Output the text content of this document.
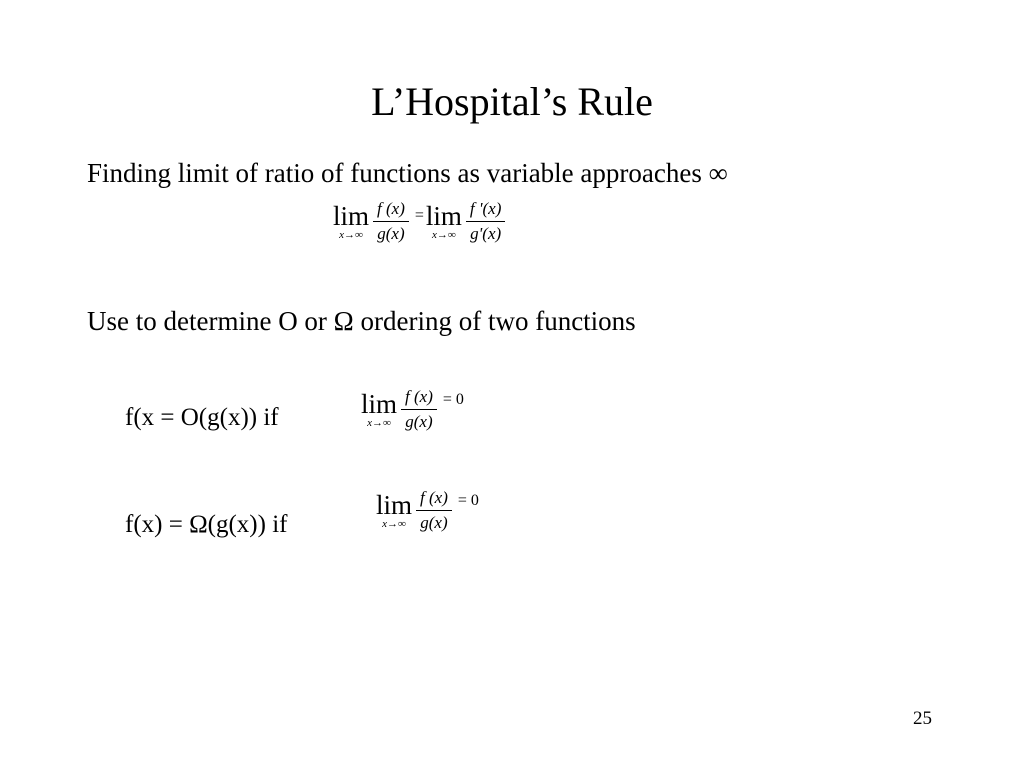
L’Hospital’s Rule
Finding limit of ratio of functions as variable approaches ∞
lim
$x\to\infty \frac{f (x)}{g(x)} = \lim$
$x\to\infty \frac{f '(x)}{g'(x)}$
Use to determine O or Ω ordering of two functions
f(x = O(g(x)) if	lim
$x\to\infty \frac{f (x)}{g(x)} = 0$
f(x) = Ω(g(x)) if
lim
$x\to\infty \frac{f (x)}{g(x)} = 0$
25
